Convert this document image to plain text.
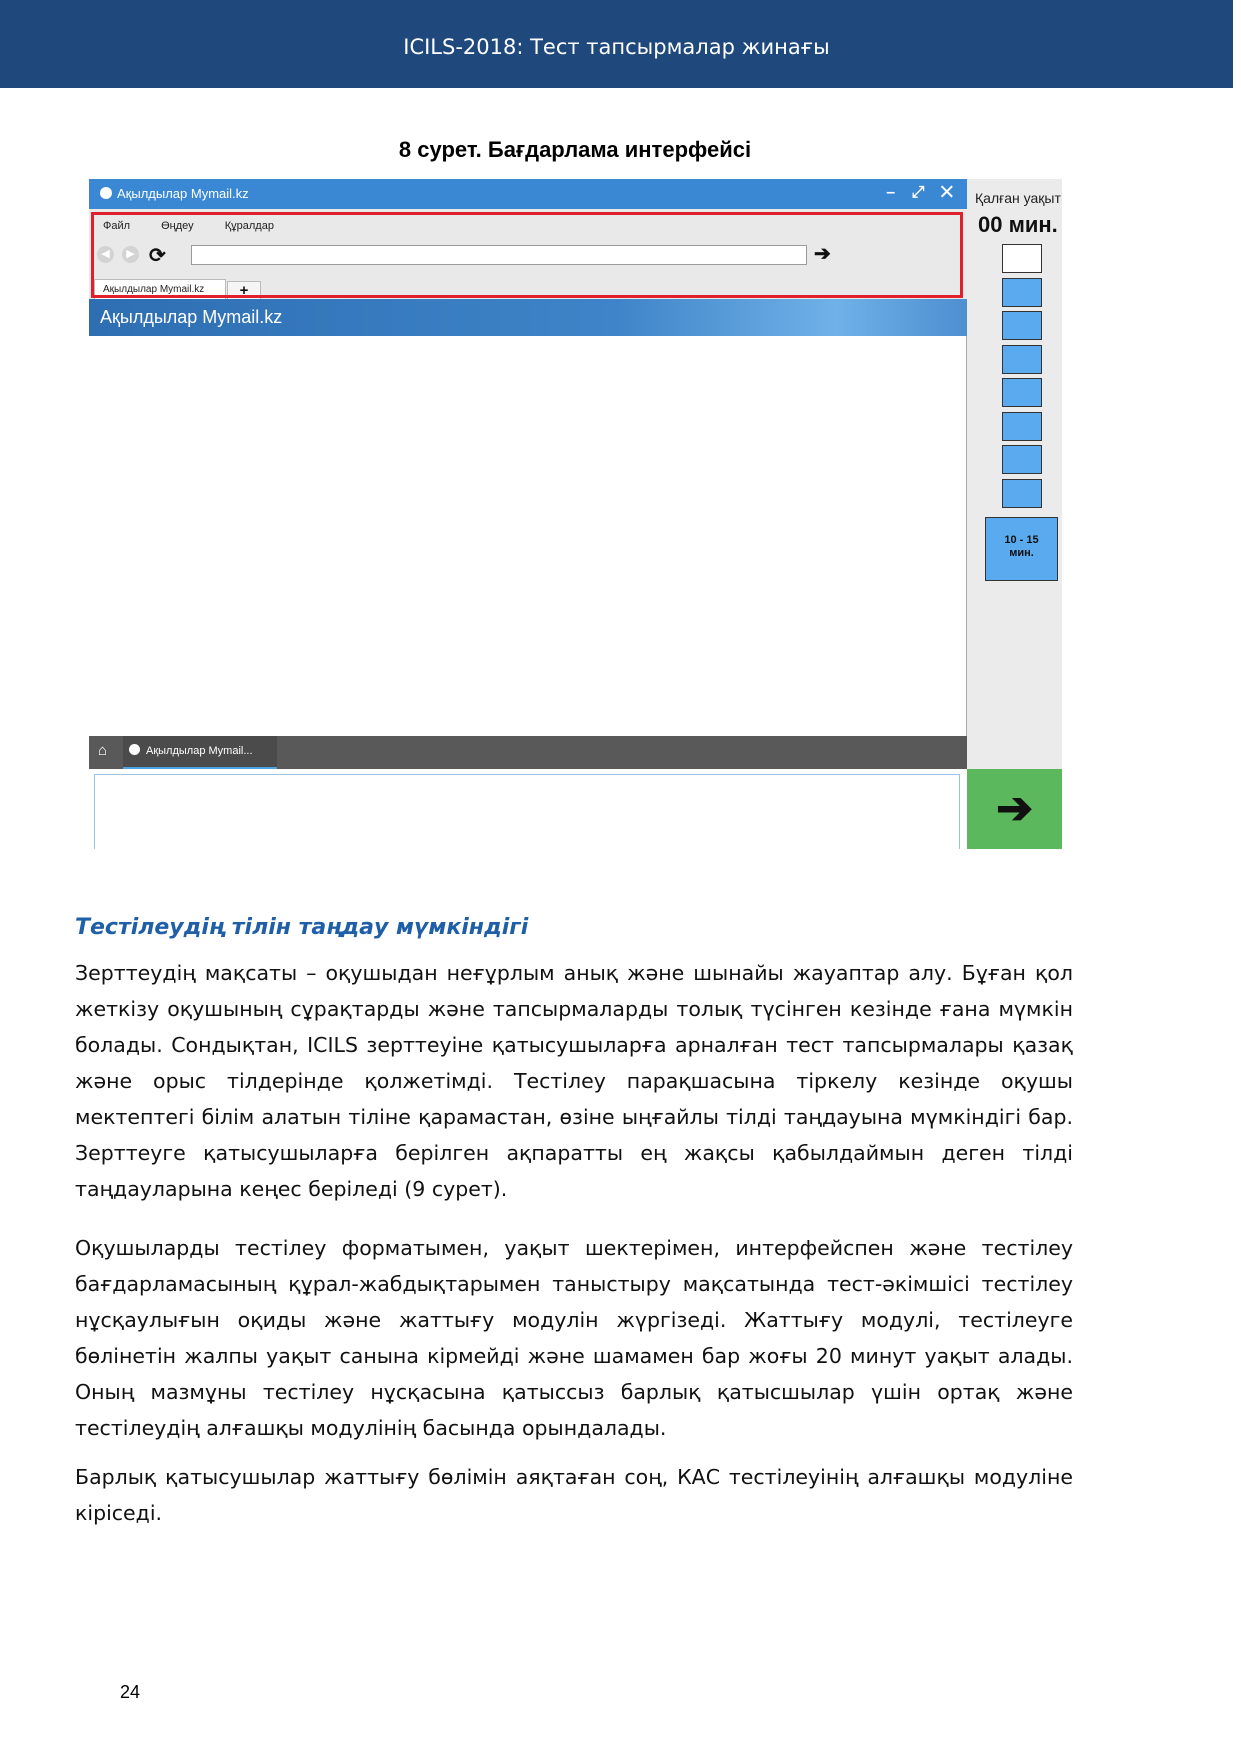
ICILS-2018: Тест тапсырмалар жинағы
8 сурет. Бағдарлама интерфейсі
Ақылдылар Mymail.kz	– ⤢ ✕
Файл	Өңдеу	Құралдар
◀	▶ ⟳	➔
Ақылдылар Mymail.kz	+
Ақылдылар Mymail.kz
⌂	Ақылдылар Mymail...
Қалған уақыт
00 мин.
10 - 15
мин.
➔
Тестілеудің тілін таңдау мүмкіндігі

Зерттеудің мақсаты – оқушыдан неғұрлым анық және шынайы жауаптар алу. Бұған қол жеткізу оқушының сұрақтарды және тапсырмаларды толық түсінген кезінде ғана мүмкін болады. Сондықтан, ICILS зерттеуіне қатысушыларға арналған тест тапсырмалары қазақ және орыс тілдерінде қолжетімді. Тестілеу парақшасына тіркелу кезінде оқушы мектептегі білім алатын тіліне қарамастан, өзіне ыңғайлы тілді таңдауына мүмкіндігі бар. Зерттеуге қатысушыларға берілген ақпаратты ең жақсы қабылдаймын деген тілді таңдауларына кеңес беріледі (9 сурет).

Оқушыларды тестілеу форматымен, уақыт шектерімен, интерфейспен және тестілеу бағдарламасының құрал-жабдықтарымен таныстыру мақсатында тест-әкімшісі тестілеу нұсқаулығын оқиды және жаттығу модулін жүргізеді. Жаттығу модулі, тестілеуге бөлінетін жалпы уақыт санына кірмейді және шамамен бар жоғы 20 минут уақыт алады. Оның мазмұны тестілеу нұсқасына қатыссыз барлық қатысшылар үшін ортақ және тестілеудің алғашқы модулінің басында орындалады.

Барлық қатысушылар жаттығу бөлімін аяқтаған соң, КАС тестілеуінің алғашқы модуліне кіріседі.

24
